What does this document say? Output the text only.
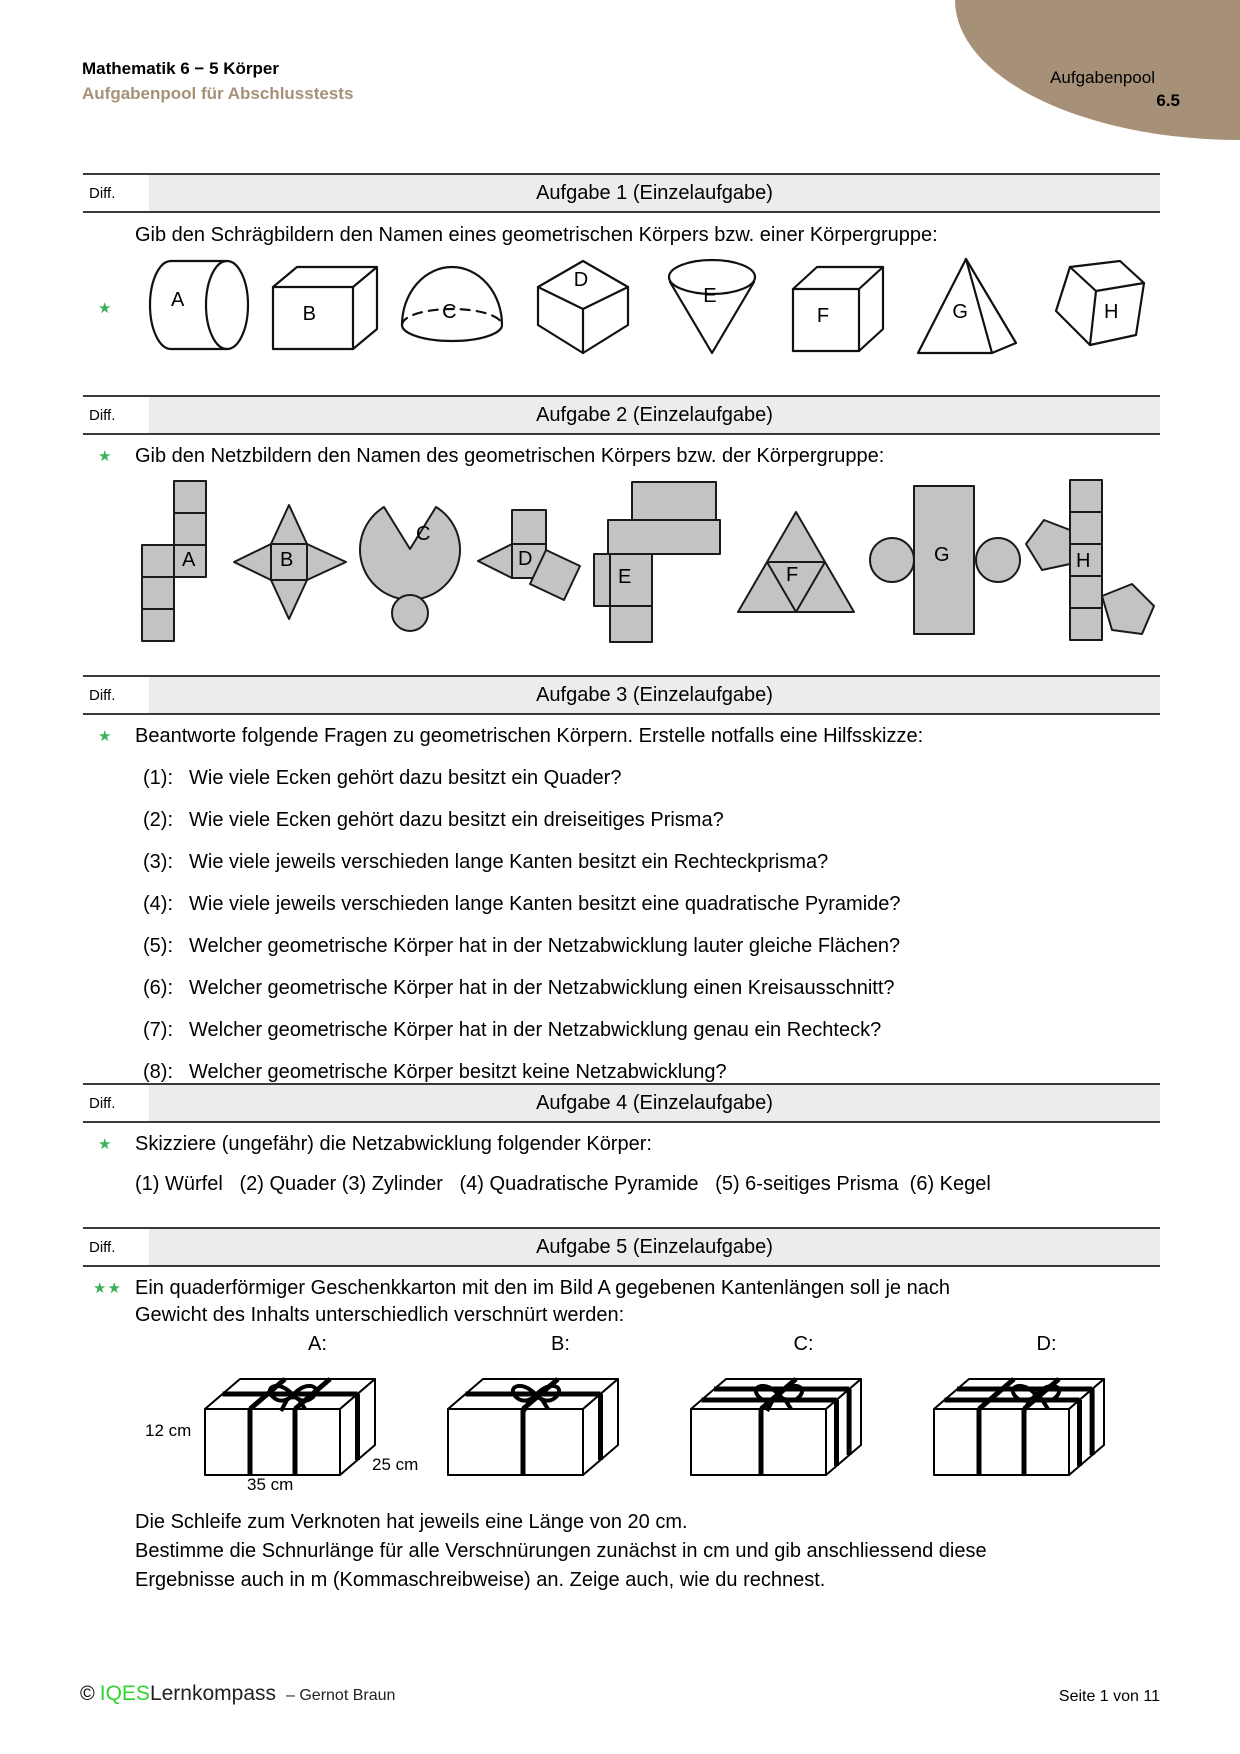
Aufgabenpool
6.5
Mathematik 6 − 5 Körper
Aufgabenpool für Abschlusstests
Diff.	Aufgabe 1 (Einzelaufgabe)
Gib den Schrägbildern den Namen eines geometrischen Körpers bzw. einer Körpergruppe:
★	A
B	C
D
E
F	G	H
Diff.	Aufgabe 2 (Einzelaufgabe)
★	Gib den Netzbildern den Namen des geometrischen Körpers bzw. der Körpergruppe:
A	B
C
D
E	F
G	H
Diff.	Aufgabe 3 (Einzelaufgabe)
★	Beantworte folgende Fragen zu geometrischen Körpern. Erstelle notfalls eine Hilfsskizze:
(1): Wie viele Ecken gehört dazu besitzt ein Quader?
(2): Wie viele Ecken gehört dazu besitzt ein dreiseitiges Prisma?
(3): Wie viele jeweils verschieden lange Kanten besitzt ein Rechteckprisma?
(4): Wie viele jeweils verschieden lange Kanten besitzt eine quadratische Pyramide?
(5): Welcher geometrische Körper hat in der Netzabwicklung lauter gleiche Flächen?
(6): Welcher geometrische Körper hat in der Netzabwicklung einen Kreisausschnitt?
(7): Welcher geometrische Körper hat in der Netzabwicklung genau ein Rechteck?
(8): Welcher geometrische Körper besitzt keine Netzabwicklung?
Diff.	Aufgabe 4 (Einzelaufgabe)
★	Skizziere (ungefähr) die Netzabwicklung folgender Körper:
(1) Würfel   (2) Quader (3) Zylinder   (4) Quadratische Pyramide   (5) 6-seitiges Prisma  (6) Kegel
Diff.	Aufgabe 5 (Einzelaufgabe)
★★ Ein quaderförmiger Geschenkkarton mit den im Bild A gegebenen Kantenlängen soll je nach
Gewicht des Inhalts unterschiedlich verschnürt werden:
A:
12 cm
35 cm
25 cm
B:	C:	D:
Die Schleife zum Verknoten hat jeweils eine Länge von 20 cm.
Bestimme die Schnurlänge für alle Verschnürungen zunächst in cm und gib anschliessend diese
Ergebnisse auch in m (Kommaschreibweise) an. Zeige auch, wie du rechnest.
© IQES Lernkompass – Gernot Braun	Seite 1 von 11
